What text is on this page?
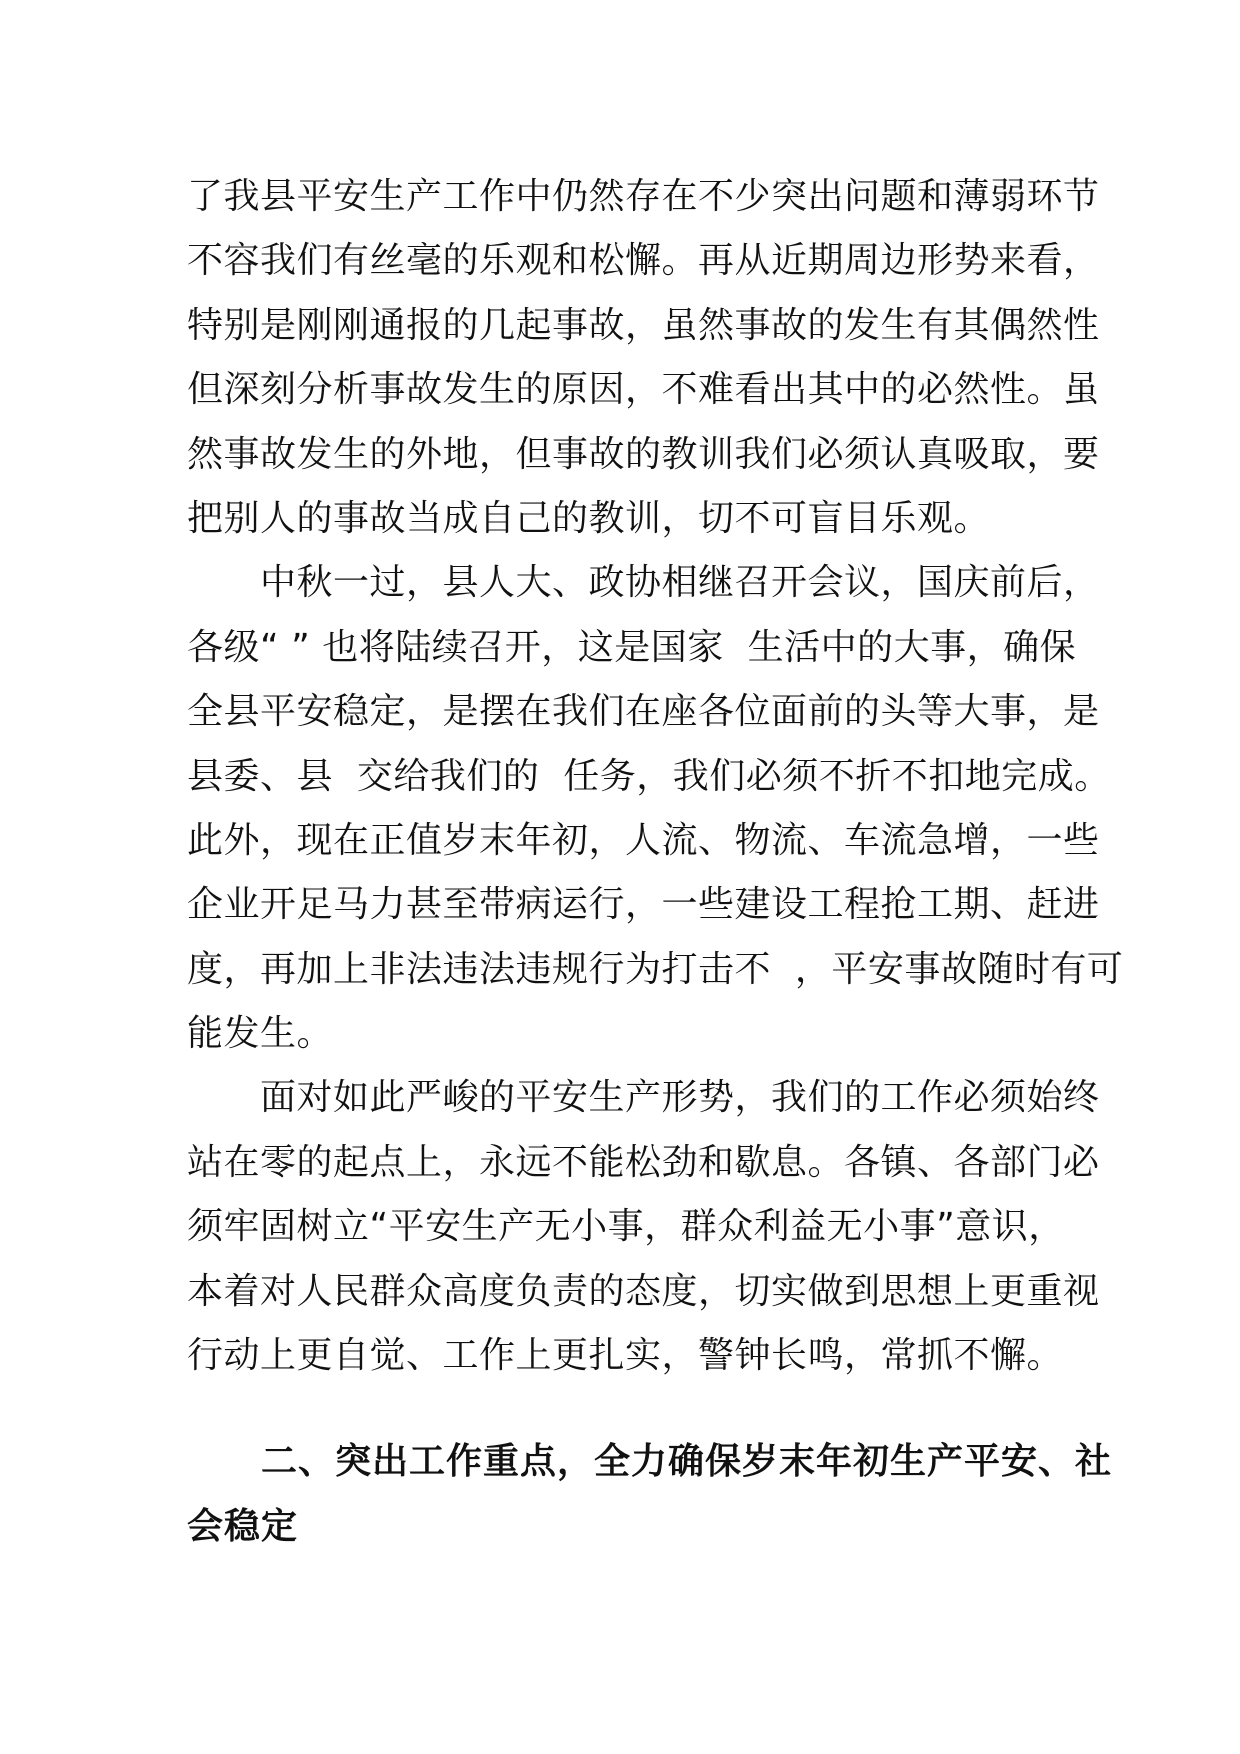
了我县平安生产工作中仍然存在不少突出问题和薄弱环节
不容我们有丝毫的乐观和松懈。再从近期周边形势来看，
特别是刚刚通报的几起事故，虽然事故的发生有其偶然性
但深刻分析事故发生的原因，不难看出其中的必然性。虽
然事故发生的外地，但事故的教训我们必须认真吸取，要
把别人的事故当成自己的教训，切不可盲目乐观。
　　中秋一过，县人大、政协相继召开会议，国庆前后，
各级“ ” 也将陆续召开，这是国家  生活中的大事，确保
全县平安稳定，是摆在我们在座各位面前的头等大事，是
县委、县  交给我们的  任务，我们必须不折不扣地完成。
此外，现在正值岁末年初，人流、物流、车流急增，一些
企业开足马力甚至带病运行，一些建设工程抢工期、赶进
度，再加上非法违法违规行为打击不  ，平安事故随时有可
能发生。
　　面对如此严峻的平安生产形势，我们的工作必须始终
站在零的起点上，永远不能松劲和歇息。各镇、各部门必
须牢固树立“平安生产无小事，群众利益无小事”意识，
本着对人民群众高度负责的态度，切实做到思想上更重视
行动上更自觉、工作上更扎实，警钟长鸣，常抓不懈。
　　二、突出工作重点，全力确保岁末年初生产平安、社
会稳定
